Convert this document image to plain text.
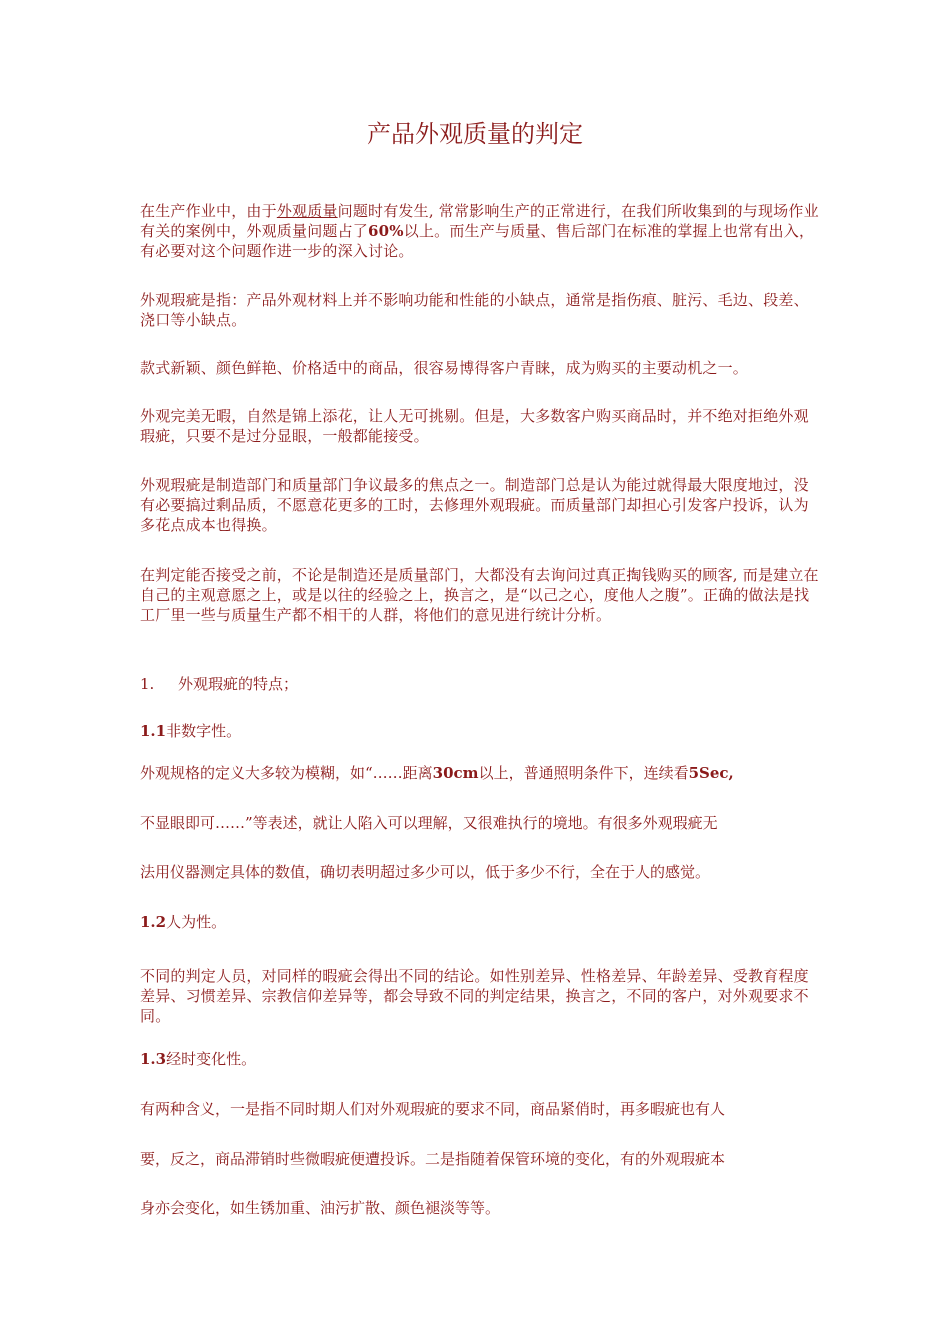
产品外观质量的判定

在生产作业中，由于外观质量问题时有发生, 常常影响生产的正常进行，在我们所收集到的与现场作业有关的案例中，外观质量问题占了60%以上。而生产与质量、售后部门在标准的掌握上也常有出入，有必要对这个问题作进一步的深入讨论。

外观瑕疵是指：产品外观材料上并不影响功能和性能的小缺点，通常是指伤痕、脏污、毛边、段差、浇口等小缺点。

款式新颖、颜色鲜艳、价格适中的商品，很容易博得客户青睐，成为购买的主要动机之一。

外观完美无暇，自然是锦上添花，让人无可挑剔。但是，大多数客户购买商品时，并不绝对拒绝外观瑕疵，只要不是过分显眼，一般都能接受。

外观瑕疵是制造部门和质量部门争议最多的焦点之一。制造部门总是认为能过就得最大限度地过，没有必要搞过剩品质，不愿意花更多的工时，去修理外观瑕疵。而质量部门却担心引发客户投诉，认为多花点成本也得换。

在判定能否接受之前，不论是制造还是质量部门，大都没有去询问过真正掏钱购买的顾客, 而是建立在自己的主观意愿之上，或是以往的经验之上，换言之，是“以己之心，度他人之腹”。正确的做法是找工厂里一些与质量生产都不相干的人群，将他们的意见进行统计分析。

1. 外观瑕疵的特点；

1.1非数字性。

外观规格的定义大多较为模糊，如“……距离30cm以上，普通照明条件下，连续看5Sec,

不显眼即可……”等表述，就让人陷入可以理解，又很难执行的境地。有很多外观瑕疵无

法用仪器测定具体的数值，确切表明超过多少可以，低于多少不行，全在于人的感觉。

1.2人为性。

不同的判定人员，对同样的暇疵会得出不同的结论。如性别差异、性格差异、年龄差异、受教育程度差异、习惯差异、宗教信仰差异等，都会导致不同的判定结果，换言之，不同的客户，对外观要求不同。

1.3经时变化性。

有两种含义，一是指不同时期人们对外观瑕疵的要求不同，商品紧俏时，再多暇疵也有人

要，反之，商品滞销时些微暇疵便遭投诉。二是指随着保管环境的变化，有的外观瑕疵本

身亦会变化，如生锈加重、油污扩散、颜色褪淡等等。
